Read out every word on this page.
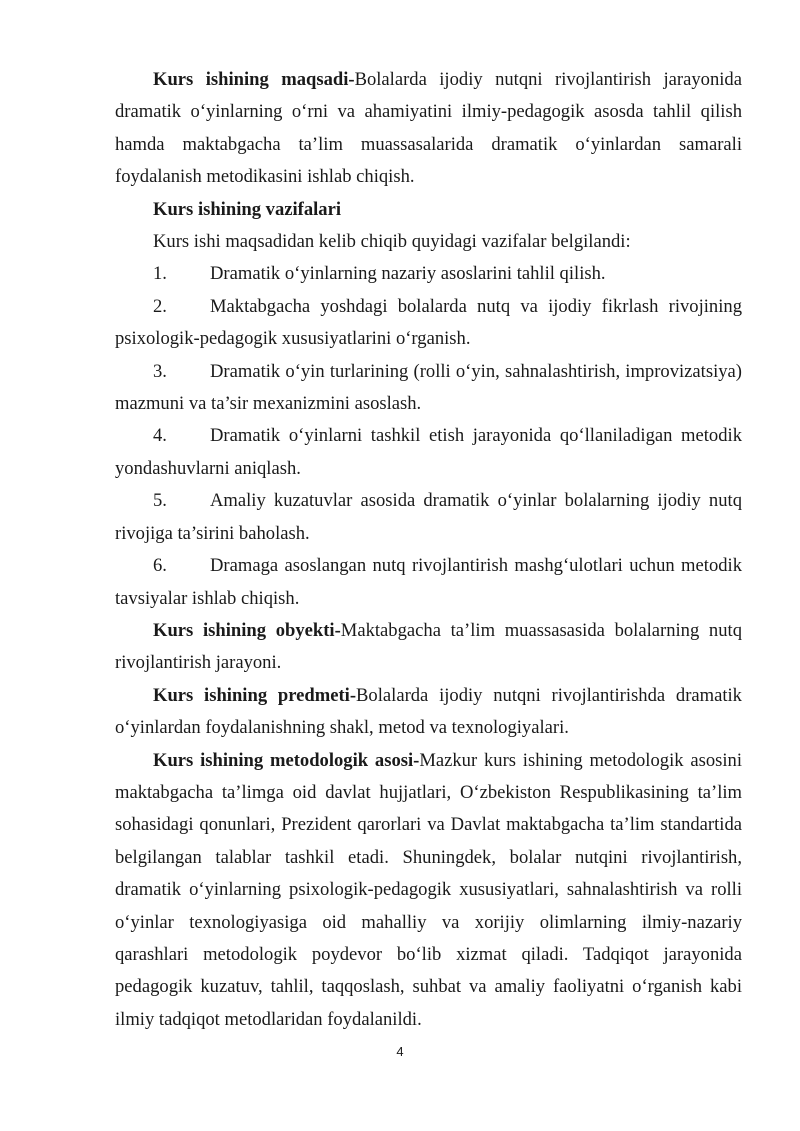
Kurs ishining maqsadi-Bolalarda ijodiy nutqni rivojlantirish jarayonida dramatik o‘yinlarning o‘rni va ahamiyatini ilmiy-pedagogik asosda tahlil qilish hamda maktabgacha ta’lim muassasalarida dramatik o‘yinlardan samarali foydalanish metodikasini ishlab chiqish.

Kurs ishining vazifalari

Kurs ishi maqsadidan kelib chiqib quyidagi vazifalar belgilandi:

1. Dramatik o‘yinlarning nazariy asoslarini tahlil qilish.

2. Maktabgacha yoshdagi bolalarda nutq va ijodiy fikrlash rivojining psixologik-pedagogik xususiyatlarini o‘rganish.

3. Dramatik o‘yin turlarining (rolli o‘yin, sahnalashtirish, improvizatsiya) mazmuni va ta’sir mexanizmini asoslash.

4. Dramatik o‘yinlarni tashkil etish jarayonida qo‘llaniladigan metodik yondashuvlarni aniqlash.

5. Amaliy kuzatuvlar asosida dramatik o‘yinlar bolalarning ijodiy nutq rivojiga ta’sirini baholash.

6. Dramaga asoslangan nutq rivojlantirish mashg‘ulotlari uchun metodik tavsiyalar ishlab chiqish.

Kurs ishining obyekti-Maktabgacha ta’lim muassasasida bolalarning nutq rivojlantirish jarayoni.

Kurs ishining predmeti-Bolalarda ijodiy nutqni rivojlantirishda dramatik o‘yinlardan foydalanishning shakl, metod va texnologiyalari.

Kurs ishining metodologik asosi-Mazkur kurs ishining metodologik asosini maktabgacha ta’limga oid davlat hujjatlari, O‘zbekiston Respublikasining ta’lim sohasidagi qonunlari, Prezident qarorlari va Davlat maktabgacha ta’lim standartida belgilangan talablar tashkil etadi. Shuningdek, bolalar nutqini rivojlantirish, dramatik o‘yinlarning psixologik-pedagogik xususiyatlari, sahnalashtirish va rolli o‘yinlar texnologiyasiga oid mahalliy va xorijiy olimlarning ilmiy-nazariy qarashlari metodologik poydevor bo‘lib xizmat qiladi. Tadqiqot jarayonida pedagogik kuzatuv, tahlil, taqqoslash, suhbat va amaliy faoliyatni o‘rganish kabi ilmiy tadqiqot metodlaridan foydalanildi.

4
